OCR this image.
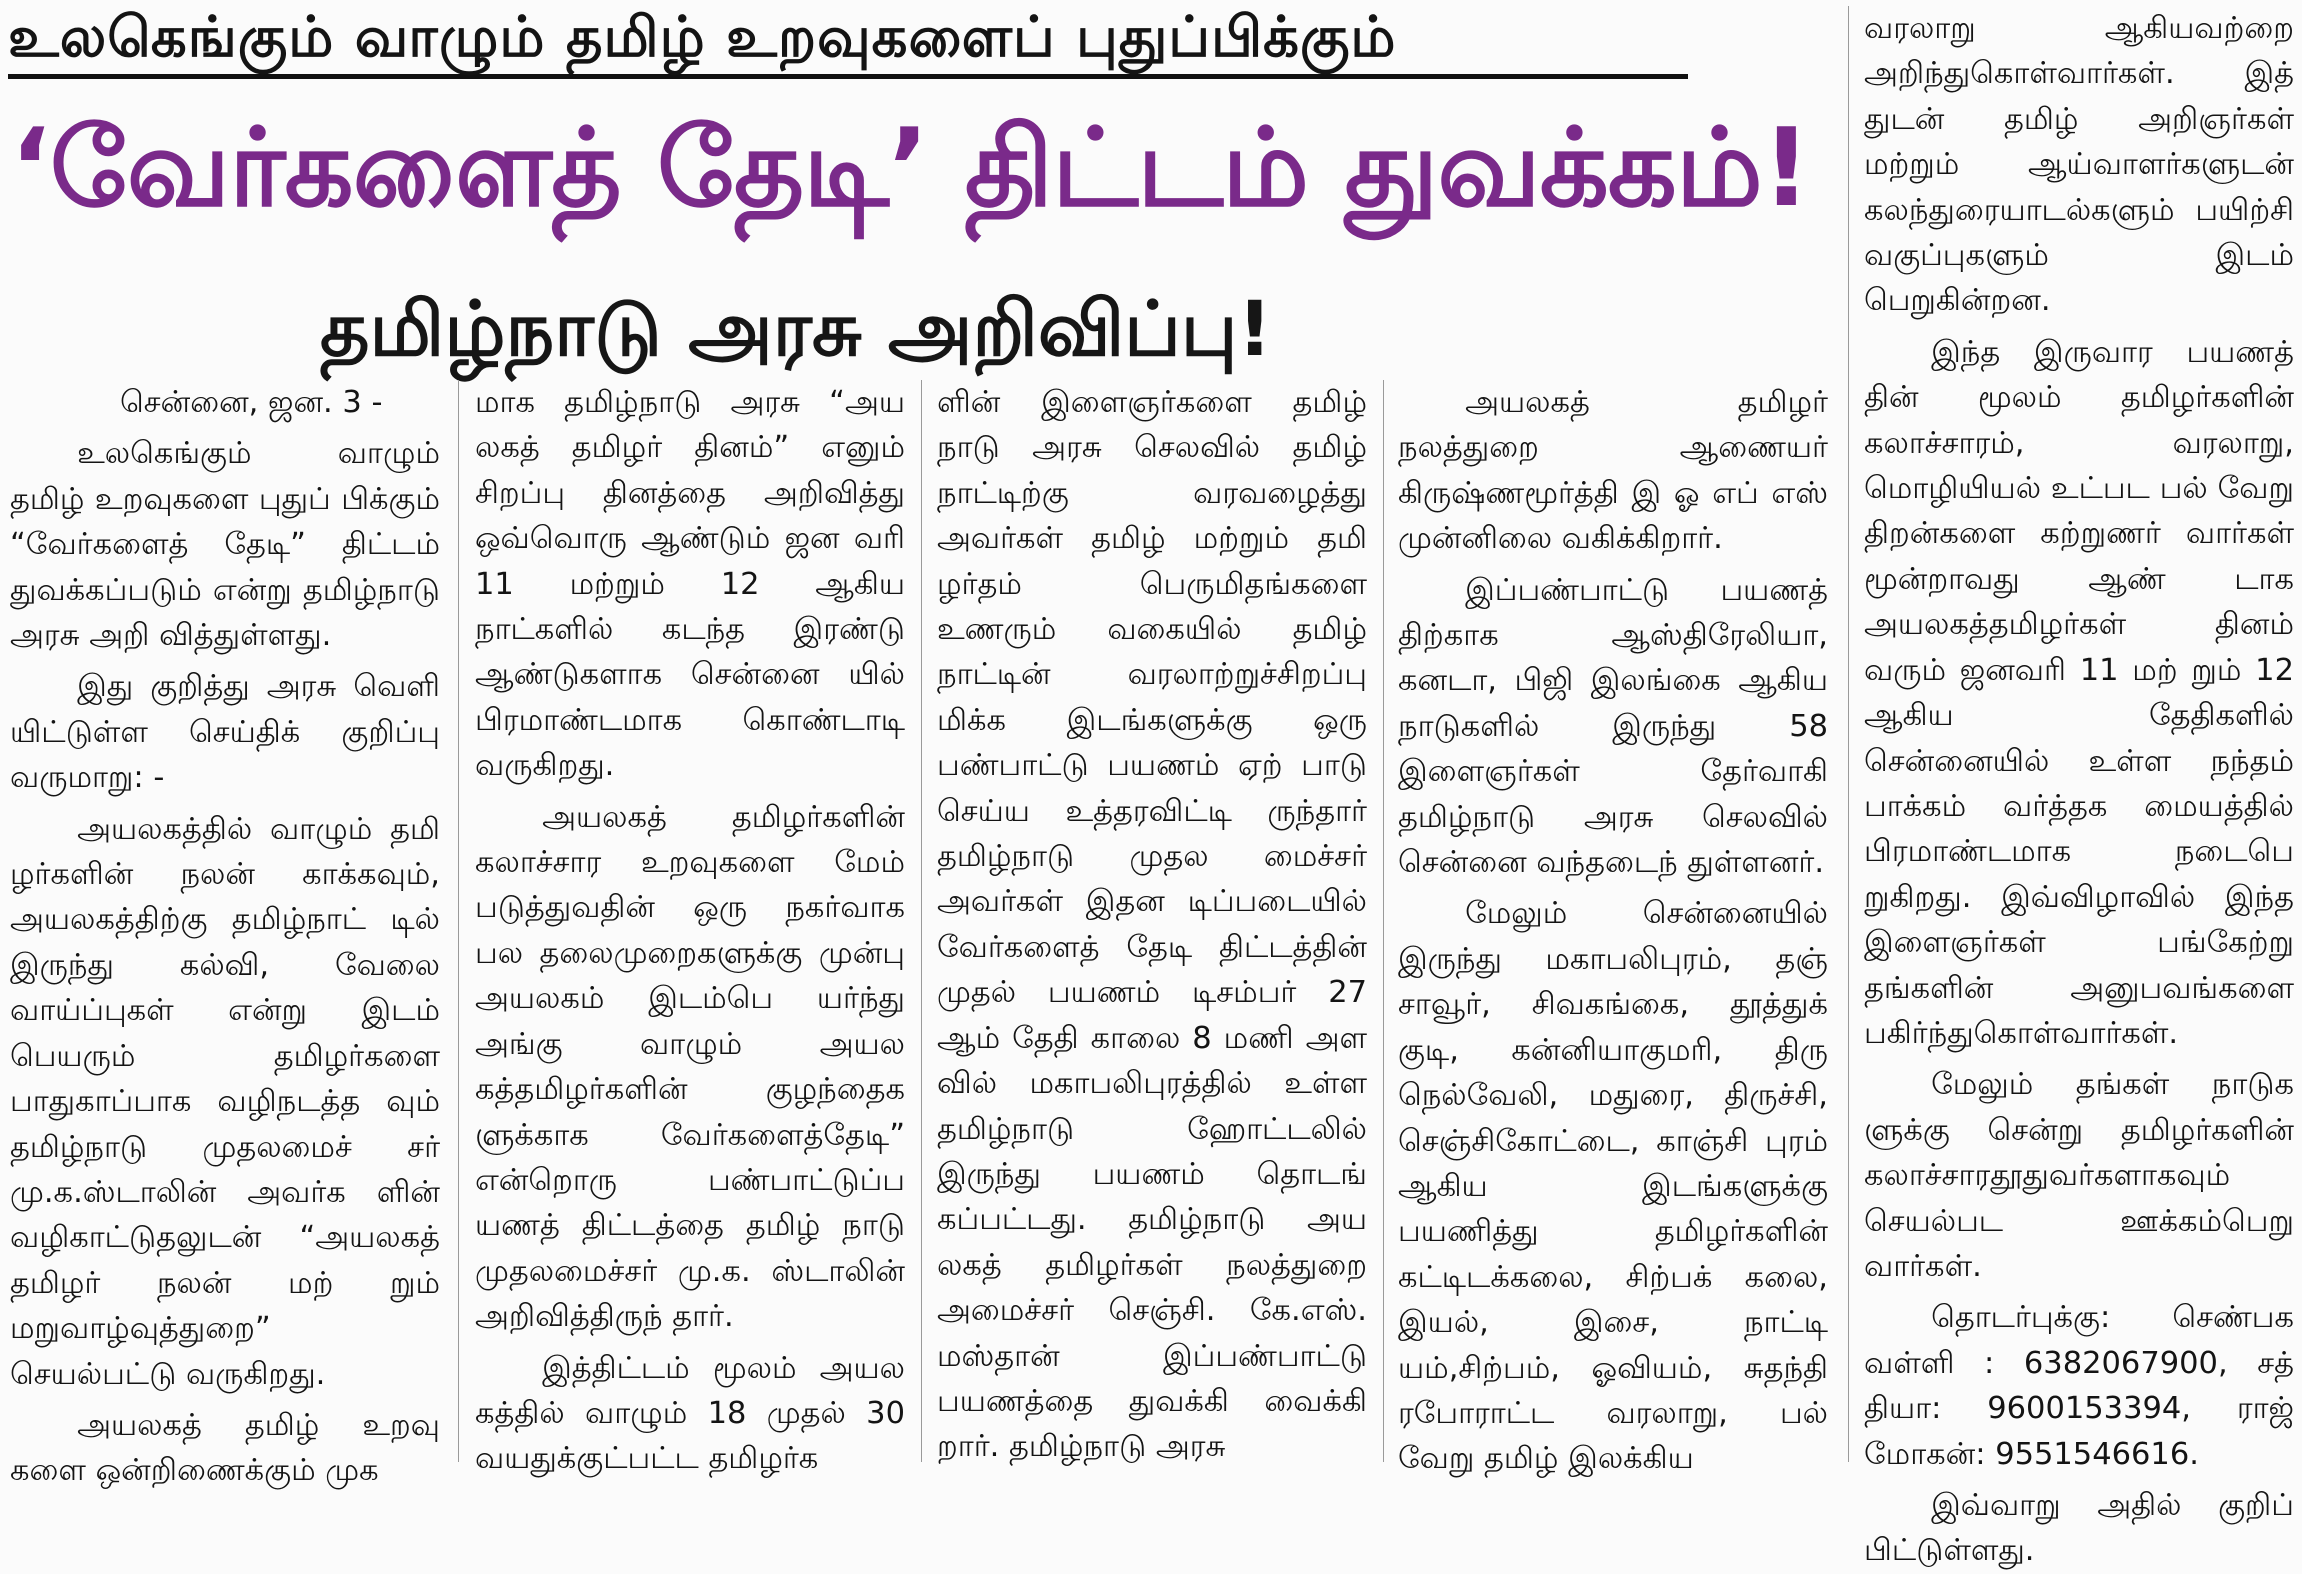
உலகெங்கும் வாழும் தமிழ் உறவுகளைப் புதுப்பிக்கும்
‘வேர்களைத் தேடி’ திட்டம் துவக்கம்!
தமிழ்நாடு அரசு அறிவிப்பு!

சென்னை, ஜன. 3 -

உலகெங்கும் வாழும் தமிழ் உறவுகளை புதுப் பிக்கும் “வேர்களைத் தேடி” திட்டம் துவக்கப்படும் என்று தமிழ்நாடு அரசு அறி வித்துள்ளது.

இது குறித்து அரசு வெளி யிட்டுள்ள செய்திக் குறிப்பு வருமாறு: -

அயலகத்தில் வாழும் தமி ழர்களின் நலன் காக்கவும், அயலகத்திற்கு தமிழ்நாட் டில் இருந்து கல்வி, வேலை வாய்ப்புகள் என்று இடம் பெயரும் தமிழர்களை பாதுகாப்பாக வழிநடத்த வும் தமிழ்நாடு முதலமைச் சர் மு.க.ஸ்டாலின் அவர்க ளின் வழிகாட்டுதலுடன் “அயலகத் தமிழர் நலன் மற் றும் மறுவாழ்வுத்துறை” செயல்பட்டு வருகிறது.

அயலகத் தமிழ் உறவு களை ஒன்றிணைக்கும் முக

மாக தமிழ்நாடு அரசு “அய லகத் தமிழர் தினம்” எனும் சிறப்பு தினத்தை அறிவித்து ஒவ்வொரு ஆண்டும் ஜன வரி 11 மற்றும் 12 ஆகிய நாட்களில் கடந்த இரண்டு ஆண்டுகளாக சென்னை யில் பிரமாண்டமாக கொண்டாடி வருகிறது.

அயலகத் தமிழர்களின் கலாச்சார உறவுகளை மேம் படுத்துவதின் ஒரு நகர்வாக பல தலைமுறைகளுக்கு முன்பு அயலகம் இடம்பெ யர்ந்து அங்கு வாழும் அயல கத்தமிழர்களின் குழந்தைக ளுக்காக வேர்களைத்தேடி” என்றொரு பண்பாட்டுப்ப யணத் திட்டத்தை தமிழ் நாடு முதலமைச்சர் மு.க. ஸ்டாலின் அறிவித்திருந் தார்.

இத்திட்டம் மூலம் அயல கத்தில் வாழும் 18 முதல் 30 வயதுக்குட்பட்ட தமிழர்க

ளின் இளைஞர்களை தமிழ் நாடு அரசு செலவில் தமிழ் நாட்டிற்கு வரவழைத்து அவர்கள் தமிழ் மற்றும் தமி ழர்தம் பெருமிதங்களை உணரும் வகையில் தமிழ் நாட்டின் வரலாற்றுச்சிறப்பு மிக்க இடங்களுக்கு ஒரு பண்பாட்டு பயணம் ஏற் பாடு செய்ய உத்தரவிட்டி ருந்தார் தமிழ்நாடு முதல மைச்சர் அவர்கள் இதன டிப்படையில் வேர்களைத் தேடி திட்டத்தின் முதல் பயணம் டிசம்பர் 27 ஆம் தேதி காலை 8 மணி அள வில் மகாபலிபுரத்தில் உள்ள தமிழ்நாடு ஹோட்டலில் இருந்து பயணம் தொடங் கப்பட்டது. தமிழ்நாடு அய லகத் தமிழர்கள் நலத்துறை அமைச்சர் செஞ்சி. கே.எஸ். மஸ்தான் இப்பண்பாட்டு பயணத்தை துவக்கி வைக்கி றார். தமிழ்நாடு அரசு

அயலகத் தமிழர் நலத்துறை ஆணையர் கிருஷ்ணமூர்த்தி இ ஓ எப் எஸ் முன்னிலை வகிக்கிறார்.

இப்பண்பாட்டு பயணத் திற்காக ஆஸ்திரேலியா, கனடா, பிஜி இலங்கை ஆகிய நாடுகளில் இருந்து 58 இளைஞர்கள் தேர்வாகி தமிழ்நாடு அரசு செலவில் சென்னை வந்தடைந் துள்ளனர்.

மேலும் சென்னையில் இருந்து மகாபலிபுரம், தஞ் சாவூர், சிவகங்கை, தூத்துக் குடி, கன்னியாகுமரி, திரு நெல்வேலி, மதுரை, திருச்சி, செஞ்சிகோட்டை, காஞ்சி புரம் ஆகிய இடங்களுக்கு பயணித்து தமிழர்களின் கட்டிடக்கலை, சிற்பக் கலை, இயல், இசை, நாட்டி யம்,சிற்பம், ஓவியம், சுதந்தி ரபோராட்ட வரலாறு, பல் வேறு தமிழ் இலக்கிய

வரலாறு ஆகியவற்றை அறிந்துகொள்வார்கள். இத் துடன் தமிழ் அறிஞர்கள் மற்றும் ஆய்வாளர்களுடன் கலந்துரையாடல்களும் பயிற்சி வகுப்புகளும் இடம் பெறுகின்றன.

இந்த இருவார பயணத் தின் மூலம் தமிழர்களின் கலாச்சாரம், வரலாறு, மொழியியல் உட்பட பல் வேறு திறன்களை கற்றுணர் வார்கள் மூன்றாவது ஆண் டாக அயலகத்தமிழர்கள் தினம் வரும் ஜனவரி 11 மற் றும் 12 ஆகிய தேதிகளில் சென்னையில் உள்ள நந்தம் பாக்கம் வர்த்தக மையத்தில் பிரமாண்டமாக நடைபெ றுகிறது. இவ்விழாவில் இந்த இளைஞர்கள் பங்கேற்று தங்களின் அனுபவங்களை பகிர்ந்துகொள்வார்கள்.

மேலும் தங்கள் நாடுக ளுக்கு சென்று தமிழர்களின் கலாச்சாரதூதுவர்களாகவும் செயல்பட ஊக்கம்பெறு வார்கள்.

தொடர்புக்கு: செண்பக வள்ளி : 6382067900, சத் தியா: 9600153394, ராஜ் மோகன்: 9551546616.

இவ்வாறு அதில் குறிப் பிட்டுள்ளது.
